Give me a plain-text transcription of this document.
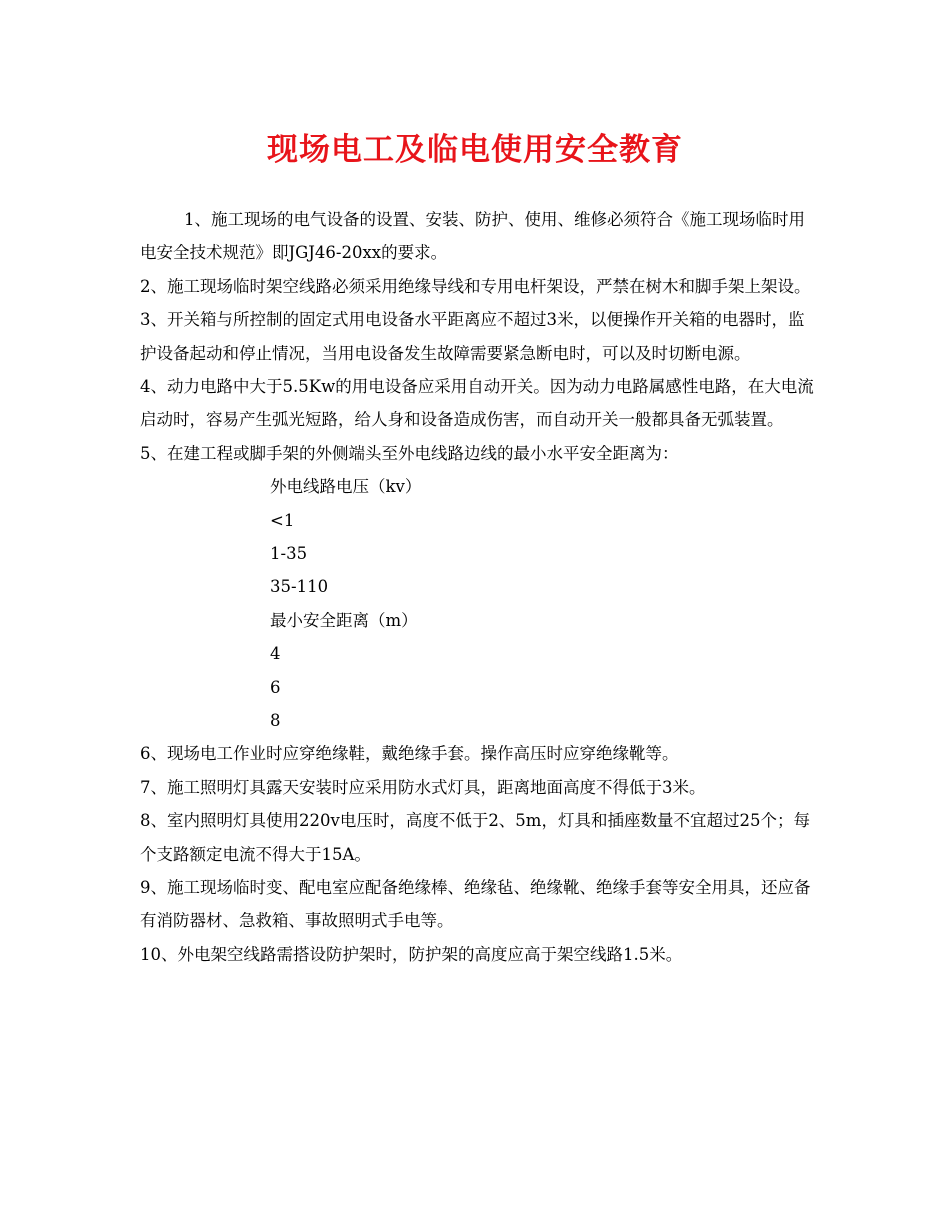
现场电工及临电使用安全教育

1、施工现场的电气设备的设置、安装、防护、使用、维修必须符合《施工现场临时用电安全技术规范》即JGJ46-20xx的要求。

2、施工现场临时架空线路必须采用绝缘导线和专用电杆架设，严禁在树木和脚手架上架设。

3、开关箱与所控制的固定式用电设备水平距离应不超过3米，以便操作开关箱的电器时，监护设备起动和停止情况，当用电设备发生故障需要紧急断电时，可以及时切断电源。

4、动力电路中大于5.5Kw的用电设备应采用自动开关。因为动力电路属感性电路，在大电流启动时，容易产生弧光短路，给人身和设备造成伤害，而自动开关一般都具备无弧装置。

5、在建工程或脚手架的外侧端头至外电线路边线的最小水平安全距离为：

外电线路电压（kv）
<1
1-35
35-110
最小安全距离（m）
4
6
8

6、现场电工作业时应穿绝缘鞋，戴绝缘手套。操作高压时应穿绝缘靴等。

7、施工照明灯具露天安装时应采用防水式灯具，距离地面高度不得低于3米。

8、室内照明灯具使用220v电压时，高度不低于2、5m，灯具和插座数量不宜超过25个；每个支路额定电流不得大于15A。

9、施工现场临时变、配电室应配备绝缘棒、绝缘毡、绝缘靴、绝缘手套等安全用具，还应备有消防器材、急救箱、事故照明式手电等。

10、外电架空线路需搭设防护架时，防护架的高度应高于架空线路1.5米。
